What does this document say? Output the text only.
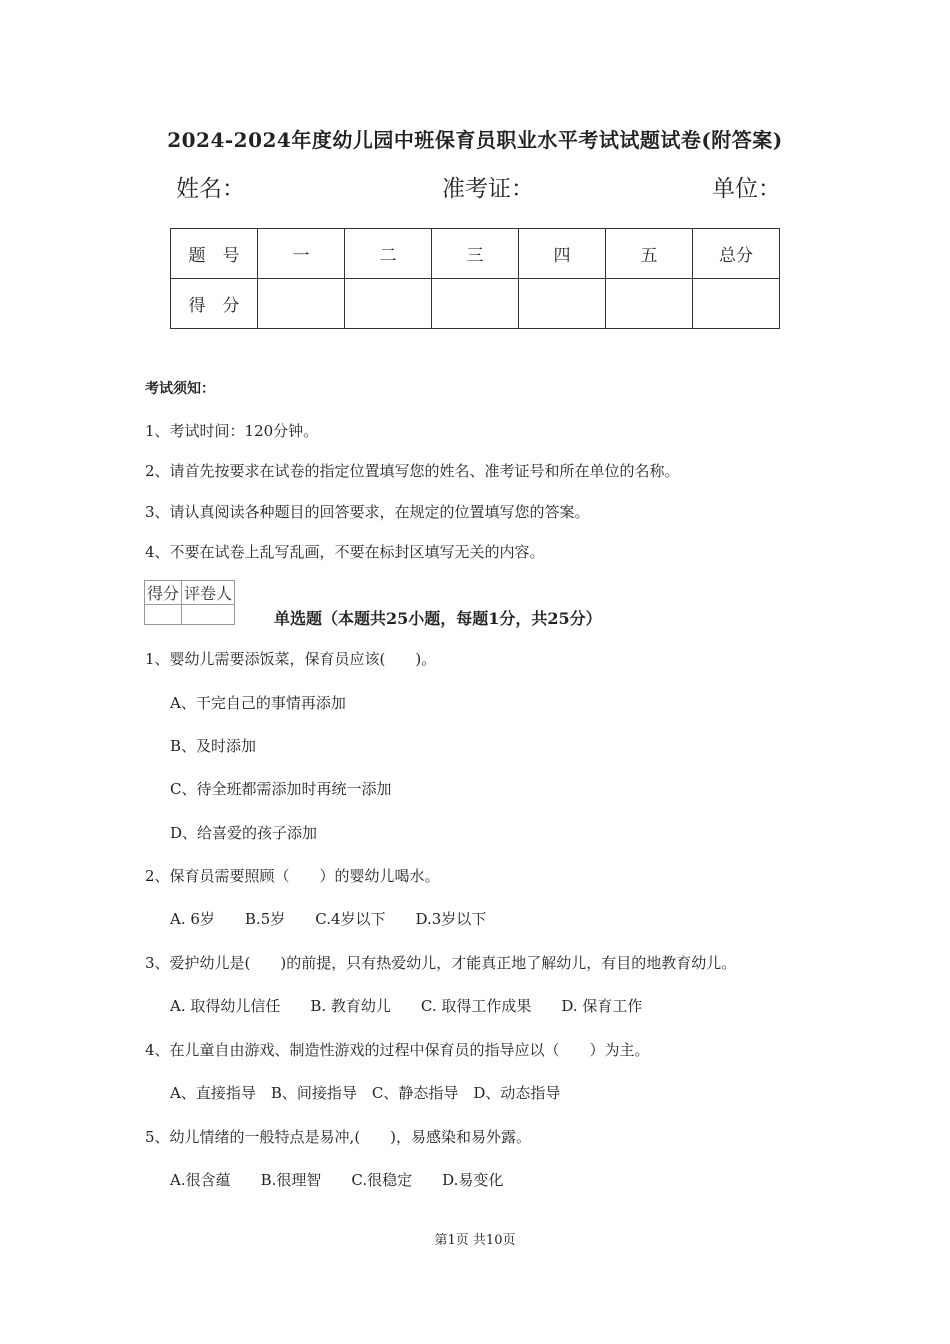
2024-2024年度幼儿园中班保育员职业水平考试试题试卷(附答案)
姓名：	准考证：	单位：
题　号	一	二	三	四	五	总分
得　分						
考试须知：
1、考试时间：120分钟。
2、请首先按要求在试卷的指定位置填写您的姓名、准考证号和所在单位的名称。
3、请认真阅读各种题目的回答要求，在规定的位置填写您的答案。
4、不要在试卷上乱写乱画，不要在标封区填写无关的内容。
得分	评卷人

单选题（本题共25小题，每题1分，共25分）
1、婴幼儿需要添饭菜，保育员应该(　　)。
A、干完自己的事情再添加
B、及时添加
C、待全班都需添加时再统一添加
D、给喜爱的孩子添加
2、保育员需要照顾（　　）的婴幼儿喝水。
A. 6岁　　B.5岁　　C.4岁以下　　D.3岁以下
3、爱护幼儿是(　　)的前提，只有热爱幼儿，才能真正地了解幼儿，有目的地教育幼儿。
A. 取得幼儿信任　　B. 教育幼儿　　C. 取得工作成果　　D. 保育工作
4、在儿童自由游戏、制造性游戏的过程中保育员的指导应以（　　）为主。
A、直接指导　B、间接指导　C、静态指导　D、动态指导
5、幼儿情绪的一般特点是易冲,(　　)，易感染和易外露。
A.很含蕴　　B.很理智　　C.很稳定　　D.易变化
第1页 共10页
